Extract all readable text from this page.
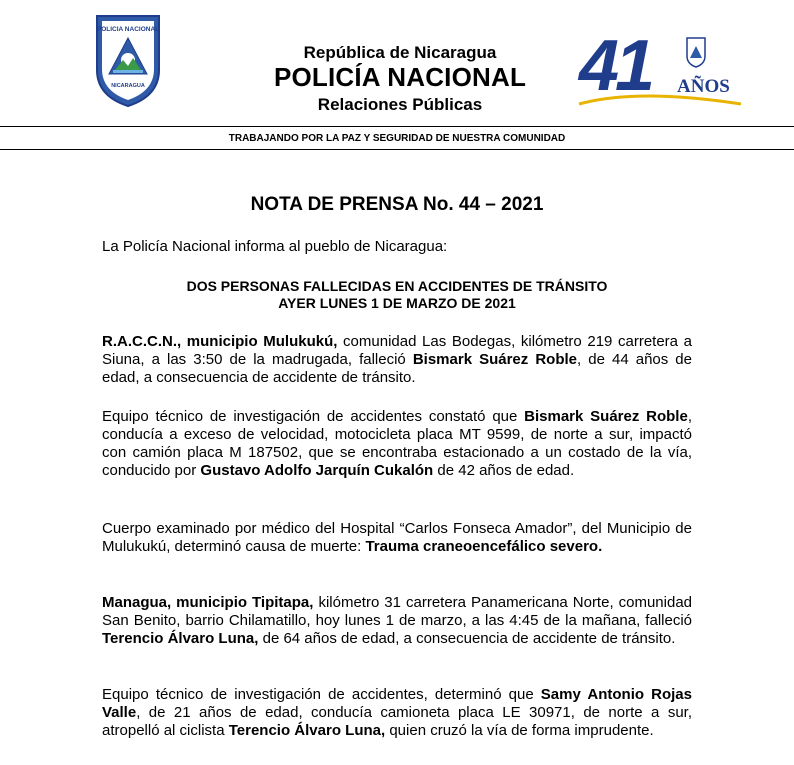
POLICIA NACIONAL
NICARAGUA
República de Nicaragua
POLICÍA NACIONAL
Relaciones Públicas	41 AÑOS
TRABAJANDO POR LA PAZ Y SEGURIDAD DE NUESTRA COMUNIDAD
NOTA DE PRENSA No. 44 – 2021
La Policía Nacional informa al pueblo de Nicaragua:
DOS PERSONAS FALLECIDAS EN ACCIDENTES DE TRÁNSITO
AYER LUNES 1 DE MARZO DE 2021
R.A.C.C.N., municipio Mulukukú, comunidad Las Bodegas, kilómetro 219 carretera a Siuna, a las 3:50 de la madrugada, falleció Bismark Suárez Roble, de 44 años de edad, a consecuencia de accidente de tránsito.
Equipo técnico de investigación de accidentes constató que Bismark Suárez Roble, conducía a exceso de velocidad, motocicleta placa MT 9599, de norte a sur, impactó con camión placa M 187502, que se encontraba estacionado a un costado de la vía, conducido por Gustavo Adolfo Jarquín Cukalón de 42 años de edad.
Cuerpo examinado por médico del Hospital “Carlos Fonseca Amador”, del Municipio de Mulukukú, determinó causa de muerte: Trauma craneoencefálico severo.
Managua, municipio Tipitapa, kilómetro 31 carretera Panamericana Norte, comunidad San Benito, barrio Chilamatillo, hoy lunes 1 de marzo, a las 4:45 de la mañana, falleció Terencio Álvaro Luna, de 64 años de edad, a consecuencia de accidente de tránsito.
Equipo técnico de investigación de accidentes, determinó que Samy Antonio Rojas Valle, de 21 años de edad, conducía camioneta placa LE 30971, de norte a sur, atropelló al ciclista Terencio Álvaro Luna, quien cruzó la vía de forma imprudente.
